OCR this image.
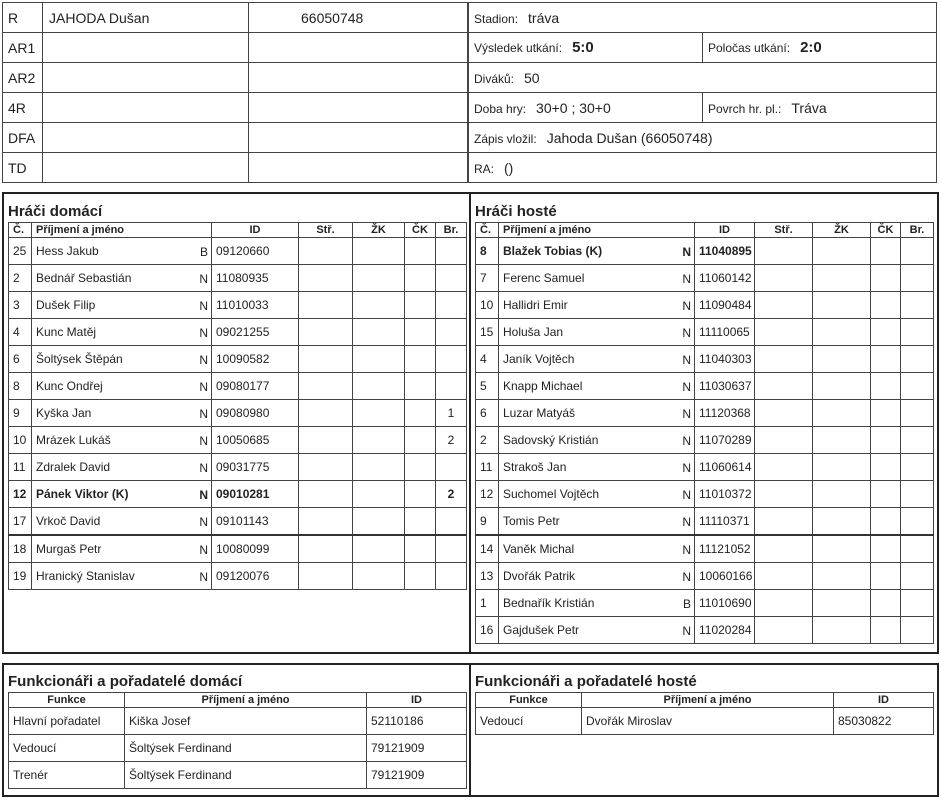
R	JAHODA Dušan	66050748
AR1		
AR2		
4R		
DFA		
TD		
Stadion: tráva	
Výsledek utkání: 5:0	Poločas utkání: 2:0
Diváků: 50	
Doba hry: 30+0 ; 30+0	Povrch hr. pl.: Tráva
Zápis vložil: Jahoda Dušan (66050748)	
RA: ()	
Hráči domácí
Č.	Příjmení a jméno	ID	Stř.	ŽK	ČK	Br.
25	Hess Jakub B	09120660				
2	Bednář Sebastián N	11080935				
3	Dušek Filip N	11010033				
4	Kunc Matěj N	09021255				
6	Šoltýsek Štěpán N	10090582				
8	Kunc Ondřej N	09080177				
9	Kyška Jan N	09080980				1
10	Mrázek Lukáš N	10050685				2
11	Zdralek David N	09031775				
12	Pánek Viktor (K) N	09010281				2
17	Vrkoč David N	09101143				
18	Murgaš Petr N	10080099				
19	Hranický Stanislav N	09120076				
Hráči hosté
Č.	Příjmení a jméno	ID	Stř.	ŽK	ČK	Br.
8	Blažek Tobias (K) N	11040895				
7	Ferenc Samuel N	11060142				
10	Hallidri Emir N	11090484				
15	Holuša Jan N	11110065				
4	Janík Vojtěch N	11040303				
5	Knapp Michael N	11030637				
6	Luzar Matyáš N	11120368				
2	Sadovský Kristián N	11070289				
11	Strakoš Jan N	11060614				
12	Suchomel Vojtěch N	11010372				
9	Tomis Petr N	11110371				
14	Vaněk Michal N	11121052				
13	Dvořák Patrik N	10060166				
1	Bednařík Kristián B	11010690				
16	Gajdušek Petr N	11020284				
Funkcionáři a pořadatelé domácí
Funkce	Příjmení a jméno	ID
Hlavní pořadatel	Kiška Josef	52110186
Vedoucí	Šoltýsek Ferdinand	79121909
Trenér	Šoltýsek Ferdinand	79121909
Funkcionáři a pořadatelé hosté
Funkce	Příjmení a jméno	ID
Vedoucí	Dvořák Miroslav	85030822
